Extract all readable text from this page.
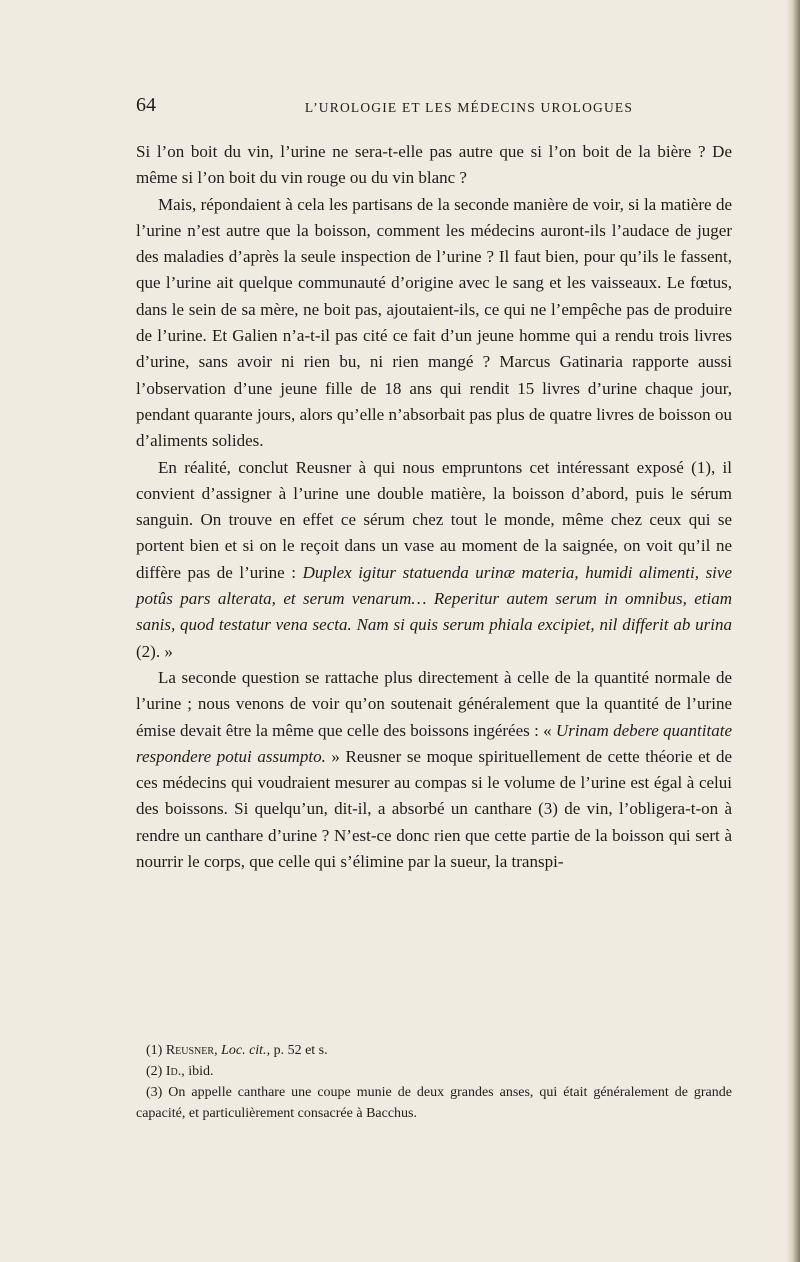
64	L’UROLOGIE ET LES MÉDECINS UROLOGUES

Si l’on boit du vin, l’urine ne sera-t-elle pas autre que si l’on boit de la bière ? De même si l’on boit du vin rouge ou du vin blanc ?

Mais, répondaient à cela les partisans de la seconde manière de voir, si la matière de l’urine n’est autre que la boisson, comment les médecins auront-ils l’audace de juger des maladies d’après la seule inspection de l’urine ? Il faut bien, pour qu’ils le fassent, que l’urine ait quelque communauté d’origine avec le sang et les vaisseaux. Le fœtus, dans le sein de sa mère, ne boit pas, ajoutaient-ils, ce qui ne l’empêche pas de produire de l’urine. Et Galien n’a-t-il pas cité ce fait d’un jeune homme qui a rendu trois livres d’urine, sans avoir ni rien bu, ni rien mangé ? Marcus Gatinaria rapporte aussi l’observation d’une jeune fille de 18 ans qui rendit 15 livres d’urine chaque jour, pendant quarante jours, alors qu’elle n’absorbait pas plus de quatre livres de boisson ou d’aliments solides.

En réalité, conclut Reusner à qui nous empruntons cet intéressant exposé (1), il convient d’assigner à l’urine une double matière, la boisson d’abord, puis le sérum sanguin. On trouve en effet ce sérum chez tout le monde, même chez ceux qui se portent bien et si on le reçoit dans un vase au moment de la saignée, on voit qu’il ne diffère pas de l’urine : Duplex igitur statuenda urinæ materia, humidi alimenti, sive potûs pars alterata, et serum venarum… Reperitur autem serum in omnibus, etiam sanis, quod testatur vena secta. Nam si quis serum phiala excipiet, nil differit ab urina (2). »

La seconde question se rattache plus directement à celle de la quantité normale de l’urine ; nous venons de voir qu’on soutenait généralement que la quantité de l’urine émise devait être la même que celle des boissons ingérées : « Urinam debere quantitate respondere potui assumpto. » Reusner se moque spirituellement de cette théorie et de ces médecins qui voudraient mesurer au compas si le volume de l’urine est égal à celui des boissons. Si quelqu’un, dit-il, a absorbé un canthare (3) de vin, l’obligera-t-on à rendre un canthare d’urine ? N’est-ce donc rien que cette partie de la boisson qui sert à nourrir le corps, que celle qui s’élimine par la sueur, la transpi-

(1) Reusner, Loc. cit., p. 52 et s.

(2) Id., ibid.

(3) On appelle canthare une coupe munie de deux grandes anses, qui était généralement de grande capacité, et particulièrement consacrée à Bacchus.
